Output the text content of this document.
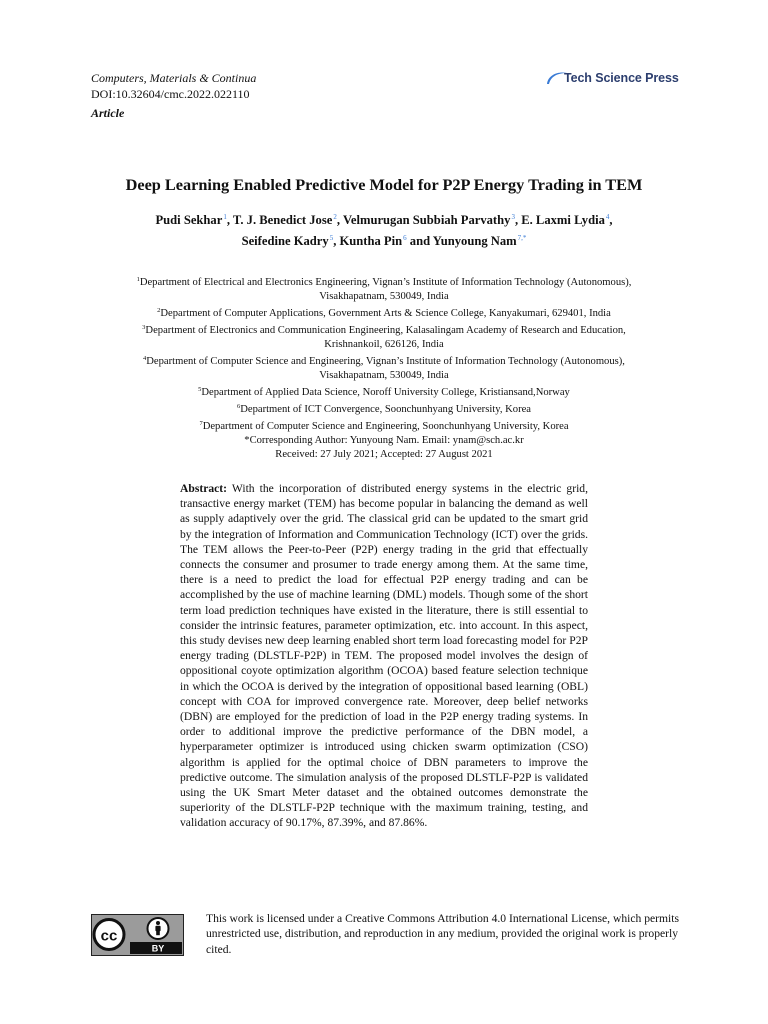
Computers, Materials & Continua
DOI:10.32604/cmc.2022.022110
Article
Tech Science Press
Deep Learning Enabled Predictive Model for P2P Energy Trading in TEM
Pudi Sekhar$^1$, T. J. Benedict Jose$^2$, Velmurugan Subbiah Parvathy$^3$, E. Laxmi Lydia$^4$,
Seifedine Kadry$^5$, Kuntha Pin$^6$ and Yunyoung Nam$^{7,*}$
$^1$Department of Electrical and Electronics Engineering, Vignan’s Institute of Information Technology (Autonomous),
Visakhapatnam, 530049, India
$^2$Department of Computer Applications, Government Arts & Science College, Kanyakumari, 629401, India
$^3$Department of Electronics and Communication Engineering, Kalasalingam Academy of Research and Education,
Krishnankoil, 626126, India
$^4$Department of Computer Science and Engineering, Vignan’s Institute of Information Technology (Autonomous),
Visakhapatnam, 530049, India
$^5$Department of Applied Data Science, Noroff University College, Kristiansand,Norway
$^6$Department of ICT Convergence, Soonchunhyang University, Korea
$^7$Department of Computer Science and Engineering, Soonchunhyang University, Korea
*Corresponding Author: Yunyoung Nam. Email: ynam@sch.ac.kr
Received: 27 July 2021; Accepted: 27 August 2021
Abstract: With the incorporation of distributed energy systems in the electric grid, transactive energy market (TEM) has become popular in balancing the demand as well as supply adaptively over the grid. The classical grid can be updated to the smart grid by the integration of Information and Communication Technology (ICT) over the grids. The TEM allows the Peer-to-Peer (P2P) energy trading in the grid that effectually connects the consumer and prosumer to trade energy among them. At the same time, there is a need to predict the load for effectual P2P energy trading and can be accomplished by the use of machine learning (DML) models. Though some of the short term load prediction techniques have existed in the literature, there is still essential to consider the intrinsic features, parameter optimization, etc. into account. In this aspect, this study devises new deep learning enabled short term load forecasting model for P2P energy trading (DLSTLF-P2P) in TEM. The proposed model involves the design of oppositional coyote optimization algorithm (OCOA) based feature selection technique in which the OCOA is derived by the integration of oppositional based learning (OBL) concept with COA for improved convergence rate. Moreover, deep belief networks (DBN) are employed for the prediction of load in the P2P energy trading systems. In order to additional improve the predictive performance of the DBN model, a hyperparameter optimizer is introduced using chicken swarm optimization (CSO) algorithm is applied for the optimal choice of DBN parameters to improve the predictive outcome. The simulation analysis of the proposed DLSTLF-P2P is validated using the UK Smart Meter dataset and the obtained outcomes demonstrate the superiority of the DLSTLF-P2P technique with the maximum training, testing, and validation accuracy of 90.17%, 87.39%, and 87.86%.
cc
BY
This work is licensed under a Creative Commons Attribution 4.0 International License, which permits unrestricted use, distribution, and reproduction in any medium, provided the original work is properly cited.
